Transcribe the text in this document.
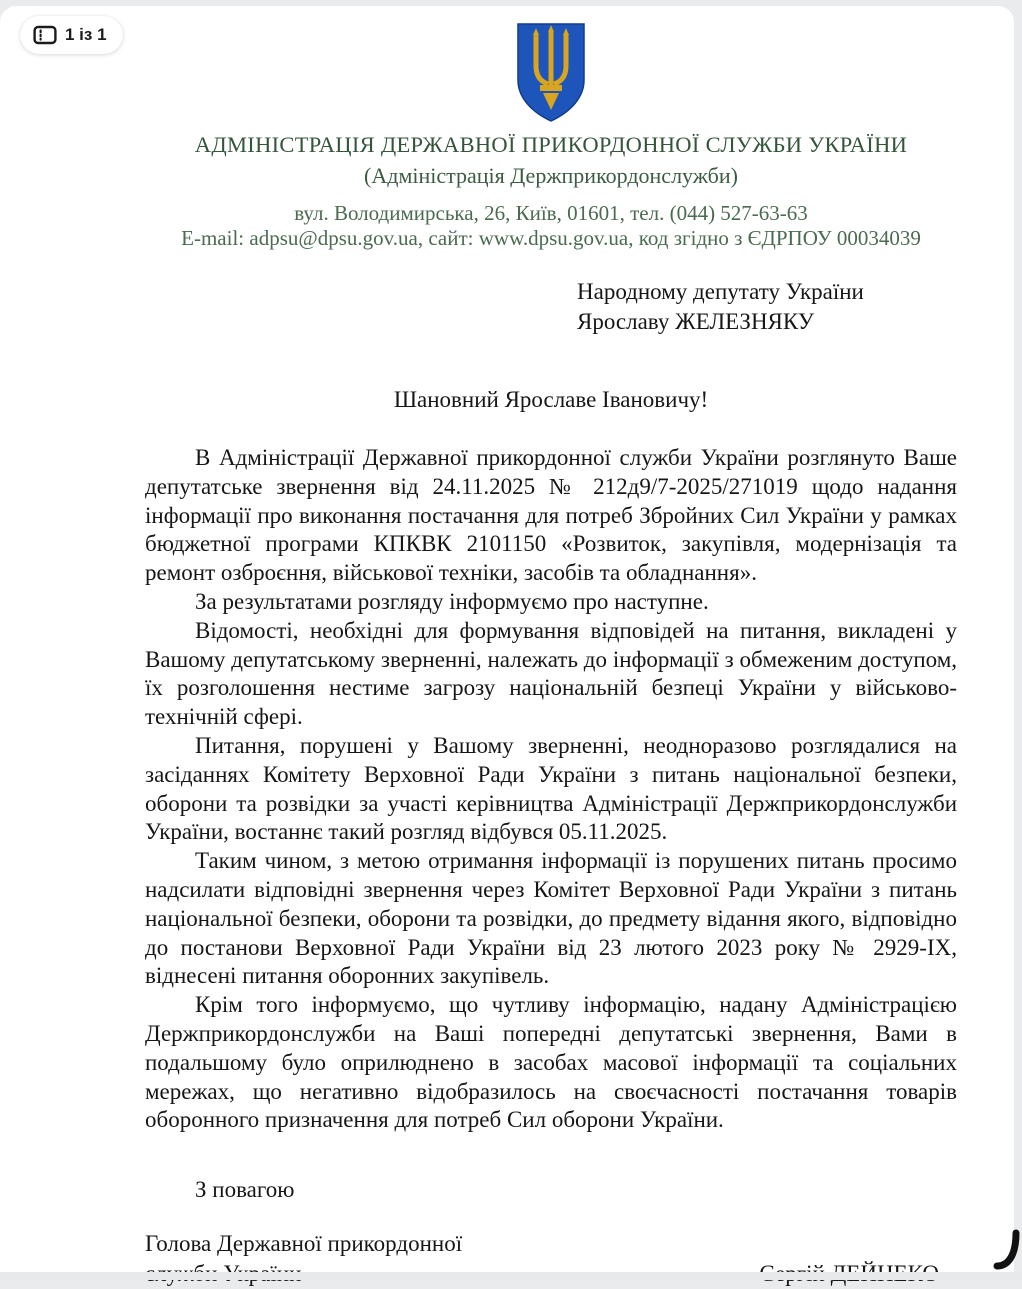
АДМІНІСТРАЦІЯ ДЕРЖАВНОЇ ПРИКОРДОННОЇ СЛУЖБИ УКРАЇНИ
(Адміністрація Держприкордонслужби)
вул. Володимирська, 26, Київ, 01601, тел. (044) 527-63-63
E-mail: adpsu@dpsu.gov.ua, сайт: www.dpsu.gov.ua, код згідно з ЄДРПОУ 00034039
Народному депутату України
Ярославу ЖЕЛЕЗНЯКУ
Шановний Ярославе Івановичу!

В Адміністрації Державної прикордонної служби України розглянуто Ваше депутатське звернення від 24.11.2025 № 212д9/7-2025/271019 щодо надання інформації про виконання постачання для потреб Збройних Сил України у рамках бюджетної програми КПКВК 2101150 «Розвиток, закупівля, модернізація та ремонт озброєння, військової техніки, засобів та обладнання».

За результатами розгляду інформуємо про наступне.

Відомості, необхідні для формування відповідей на питання, викладені у Вашому депутатському зверненні, належать до інформації з обмеженим доступом, їх розголошення нестиме загрозу національній безпеці України у військово-технічній сфері.

Питання, порушені у Вашому зверненні, неодноразово розглядалися на засіданнях Комітету Верховної Ради України з питань національної безпеки, оборони та розвідки за участі керівництва Адміністрації Держприкордонслужби України, востаннє такий розгляд відбувся 05.11.2025.

Таким чином, з метою отримання інформації із порушених питань просимо надсилати відповідні звернення через Комітет Верховної Ради України з питань національної безпеки, оборони та розвідки, до предмету відання якого, відповідно до постанови Верховної Ради України від 23 лютого 2023 року № 2929-IX, віднесені питання оборонних закупівель.

Крім того інформуємо, що чутливу інформацію, надану Адміністрацією Держприкордонслужби на Ваші попередні депутатські звернення, Вами в подальшому було оприлюднено в засобах масової інформації та соціальних мережах, що негативно відобразилось на своєчасності постачання товарів оборонного призначення для потреб Сил оборони України.

З повагою
Голова Державної прикордонної
1 із 1
